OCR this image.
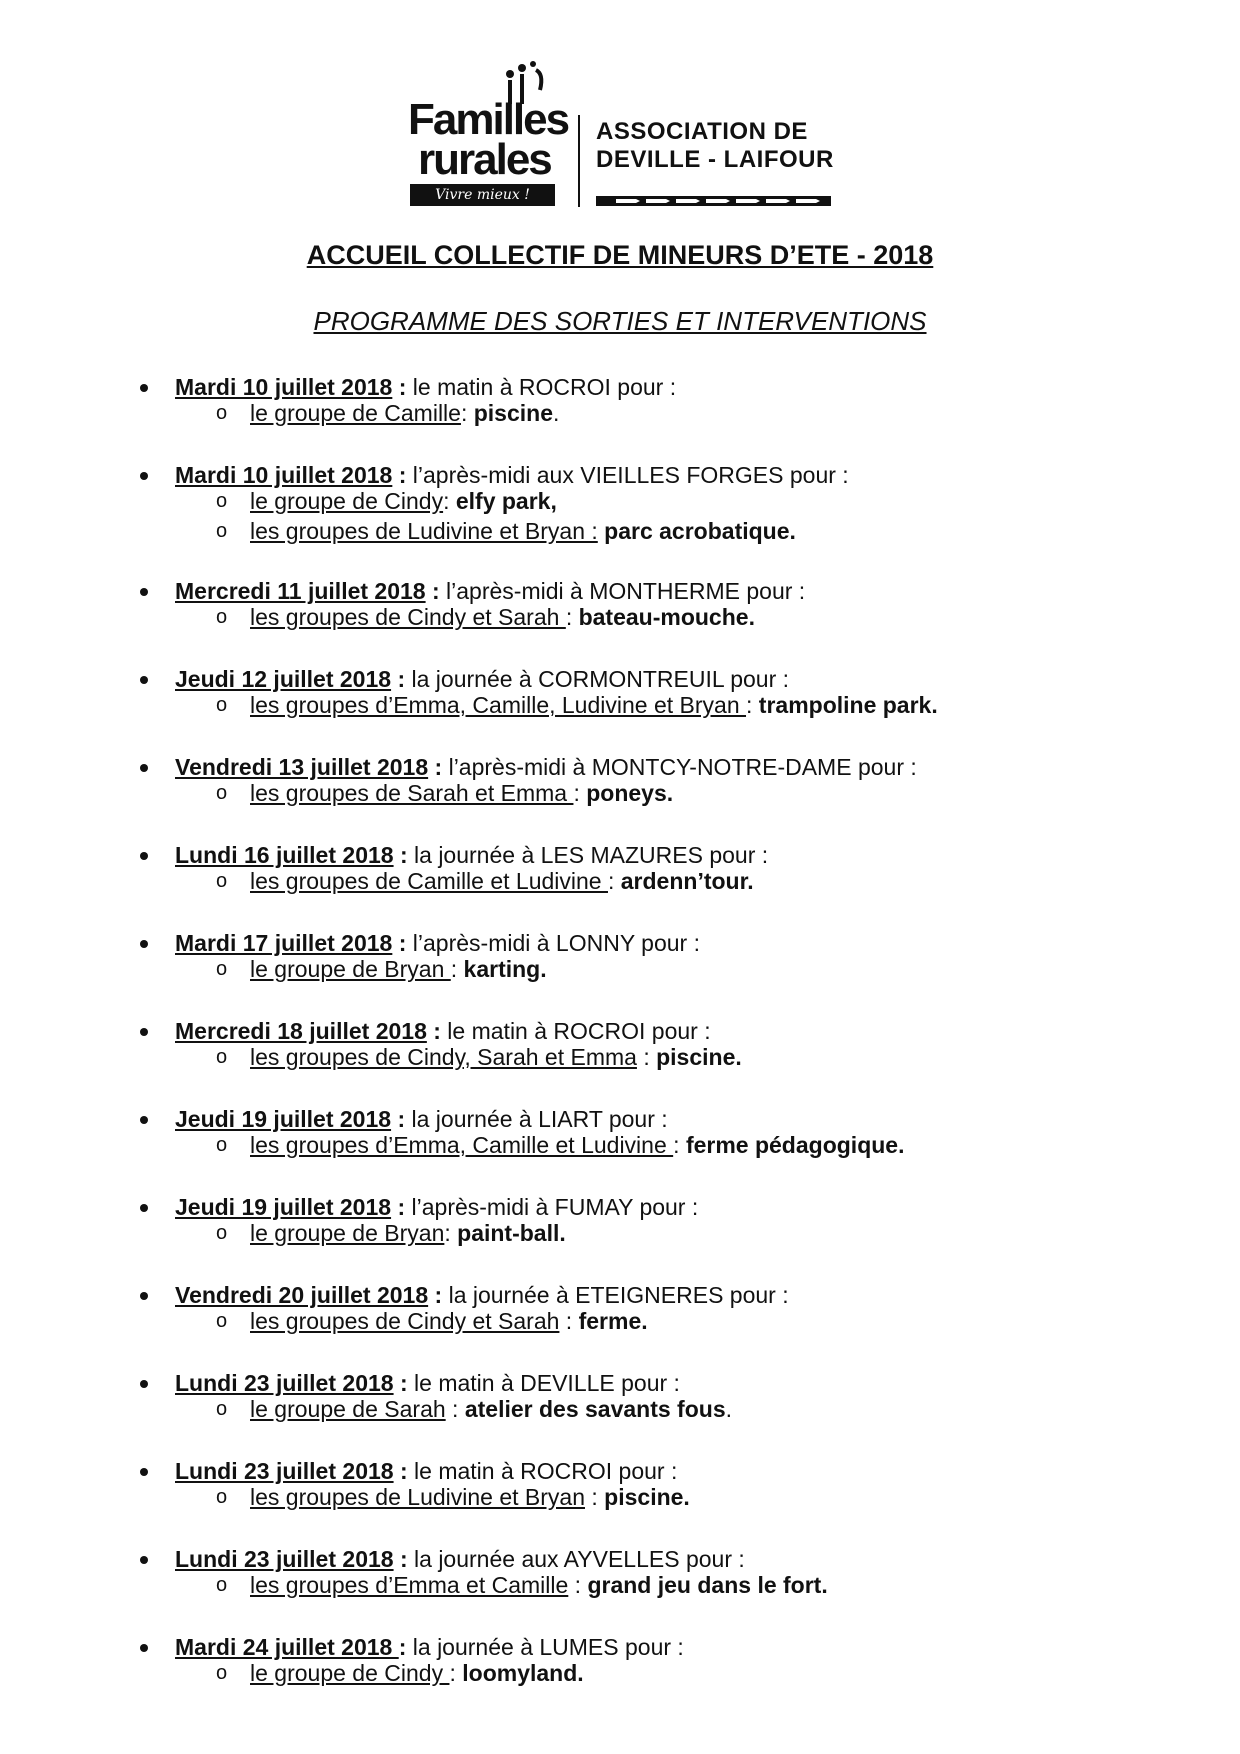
Familles
rurales
Vivre mieux !
ASSOCIATION DE
DEVILLE - LAIFOUR
ACCUEIL COLLECTIF DE MINEURS D’ETE - 2018
PROGRAMME DES SORTIES ET INTERVENTIONS
Mardi 10 juillet 2018 : le matin à ROCROI pour :
o le groupe de Camille: piscine.
Mardi 10 juillet 2018 : l’après-midi aux VIEILLES FORGES pour :
o le groupe de Cindy: elfy park,
o les groupes de Ludivine et Bryan : parc acrobatique.
Mercredi 11 juillet 2018 : l’après-midi à MONTHERME pour :
o les groupes de Cindy et Sarah : bateau-mouche.
Jeudi 12 juillet 2018 : la journée à CORMONTREUIL pour :
o les groupes d’Emma, Camille, Ludivine et Bryan : trampoline park.
Vendredi 13 juillet 2018 : l’après-midi à MONTCY-NOTRE-DAME pour :
o les groupes de Sarah et Emma : poneys.
Lundi 16 juillet 2018 : la journée à LES MAZURES pour :
o les groupes de Camille et Ludivine : ardenn’tour.
Mardi 17 juillet 2018 : l’après-midi à LONNY pour :
o le groupe de Bryan : karting.
Mercredi 18 juillet 2018 : le matin à ROCROI pour :
o les groupes de Cindy, Sarah et Emma : piscine.
Jeudi 19 juillet 2018 : la journée à LIART pour :
o les groupes d’Emma, Camille et Ludivine : ferme pédagogique.
Jeudi 19 juillet 2018 : l’après-midi à FUMAY pour :
o le groupe de Bryan: paint-ball.
Vendredi 20 juillet 2018 : la journée à ETEIGNERES pour :
o les groupes de Cindy et Sarah : ferme.
Lundi 23 juillet 2018 : le matin à DEVILLE pour :
o le groupe de Sarah : atelier des savants fous.
Lundi 23 juillet 2018 : le matin à ROCROI pour :
o les groupes de Ludivine et Bryan : piscine.
Lundi 23 juillet 2018 : la journée aux AYVELLES pour :
o les groupes d’Emma et Camille : grand jeu dans le fort.
Mardi 24 juillet 2018 : la journée à LUMES pour :
o le groupe de Cindy : loomyland.
